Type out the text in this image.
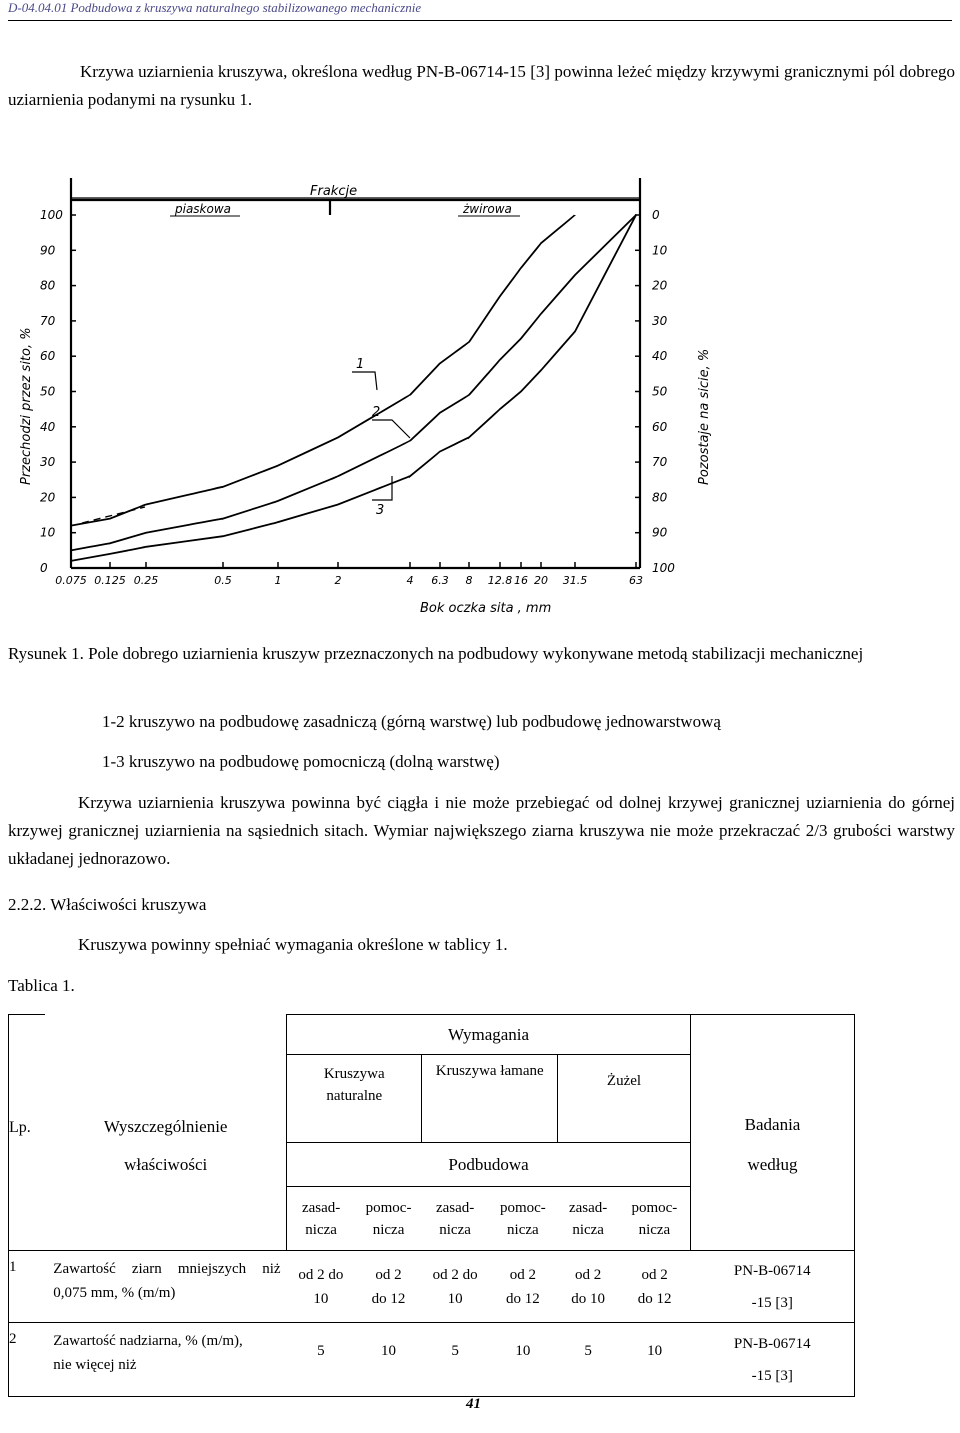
D-04.04.01 Podbudowa z kruszywa naturalnego stabilizowanego mechanicznie
Krzywa uziarnienia kruszywa, określona według PN-B-06714-15 [3] powinna leżeć między krzywymi granicznymi pól dobrego uziarnienia podanymi na rysunku 1.
Frakcje
piaskowa	żwirowa
100
90
80
70
60
50
40
30
20
10
0
0
10
20
30
40
50
60
70
80
90
100
0.075 0.125 0.25	0.5	1	2	4 6.3 8 12.8 16 20 31.5	63
1
2
3
Przechodzi przez sito, %	Pozostaje na sicie, %
Bok oczka sita , mm
Rysunek 1. Pole dobrego uziarnienia kruszyw przeznaczonych na podbudowy wykonywane metodą stabilizacji mechanicznej
1-2 kruszywo na podbudowę zasadniczą (górną warstwę) lub podbudowę jednowarstwową
1-3 kruszywo na podbudowę pomocniczą (dolną warstwę)
Krzywa uziarnienia kruszywa powinna być ciągła i nie może przebiegać od dolnej krzywej granicznej uziarnienia do górnej krzywej granicznej uziarnienia na sąsiednich sitach. Wymiar największego ziarna kruszywa nie może przekraczać 2/3 grubości warstwy układanej jednorazowo.
2.2.2. Właściwości kruszywa
Kruszywa powinny spełniać wymagania określone w tablicy 1.
Tablica 1.
		Wymagania						
Lp.	Wyszczególnienie	Kruszywa naturalne		Kruszywa łamane		Żużel		Badania
	właściwości	Podbudowa						według
		zasad- nicza	pomoc- nicza	zasad- nicza	pomoc- nicza	zasad- nicza	pomoc- nicza	
1	Zawartość ziarn mniejszych niż 0,075 mm, % (m/m)	od 2 do 10	od 2 do 12	od 2 do 10	od 2 do 12	od 2 do 10	od 2 do 12	PN-B-06714 -15 [3]
2	Zawartość nadziarna, % (m/m), nie więcej niż	5	10	5	10	5	10	PN-B-06714 -15 [3]
41
